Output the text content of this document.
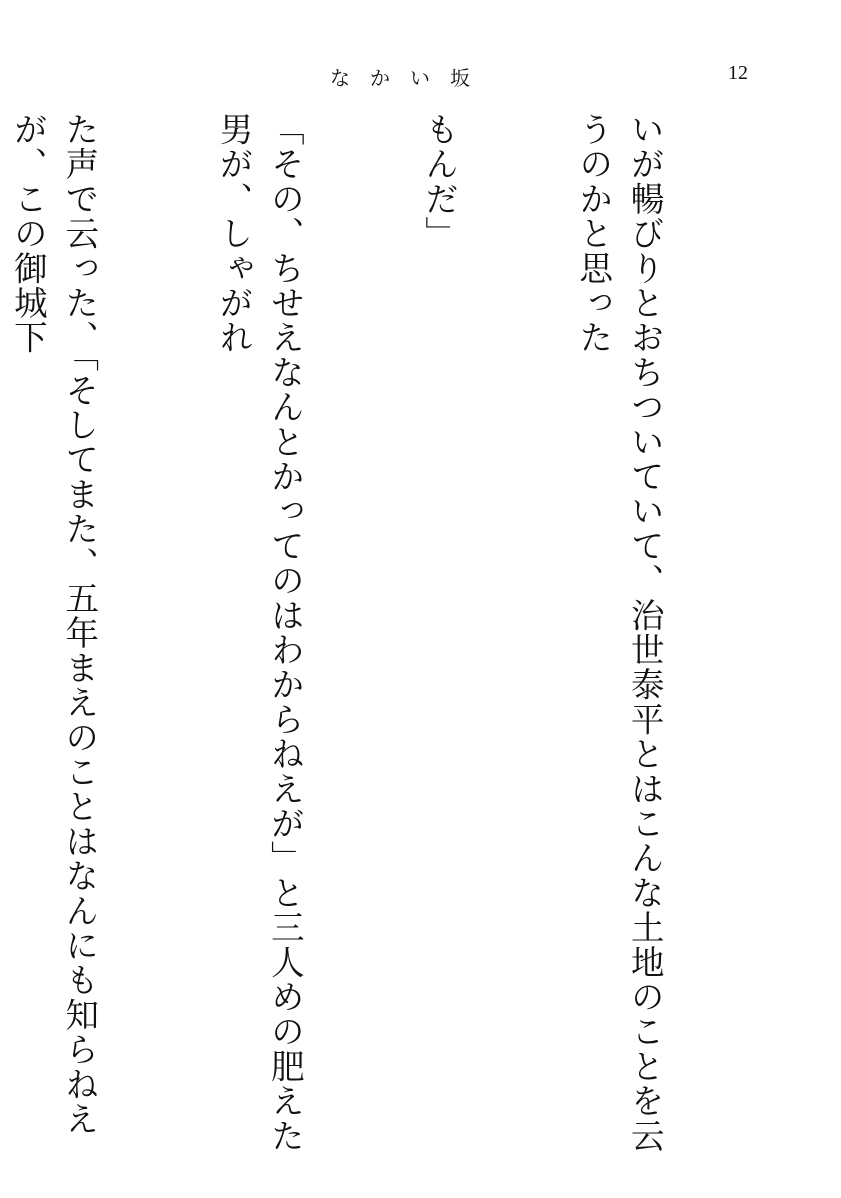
なかい坂	12

いが暢びりとおちついていて、治世泰平とはこんな土地のことを云うのかと思った

もんだ」

「その、ちせえなんとかってのはわからねえが」と三人めの肥えた男が、しゃがれ

た声で云った、「そしてまた、五年まえのことはなんにも知らねえが、この御城下
